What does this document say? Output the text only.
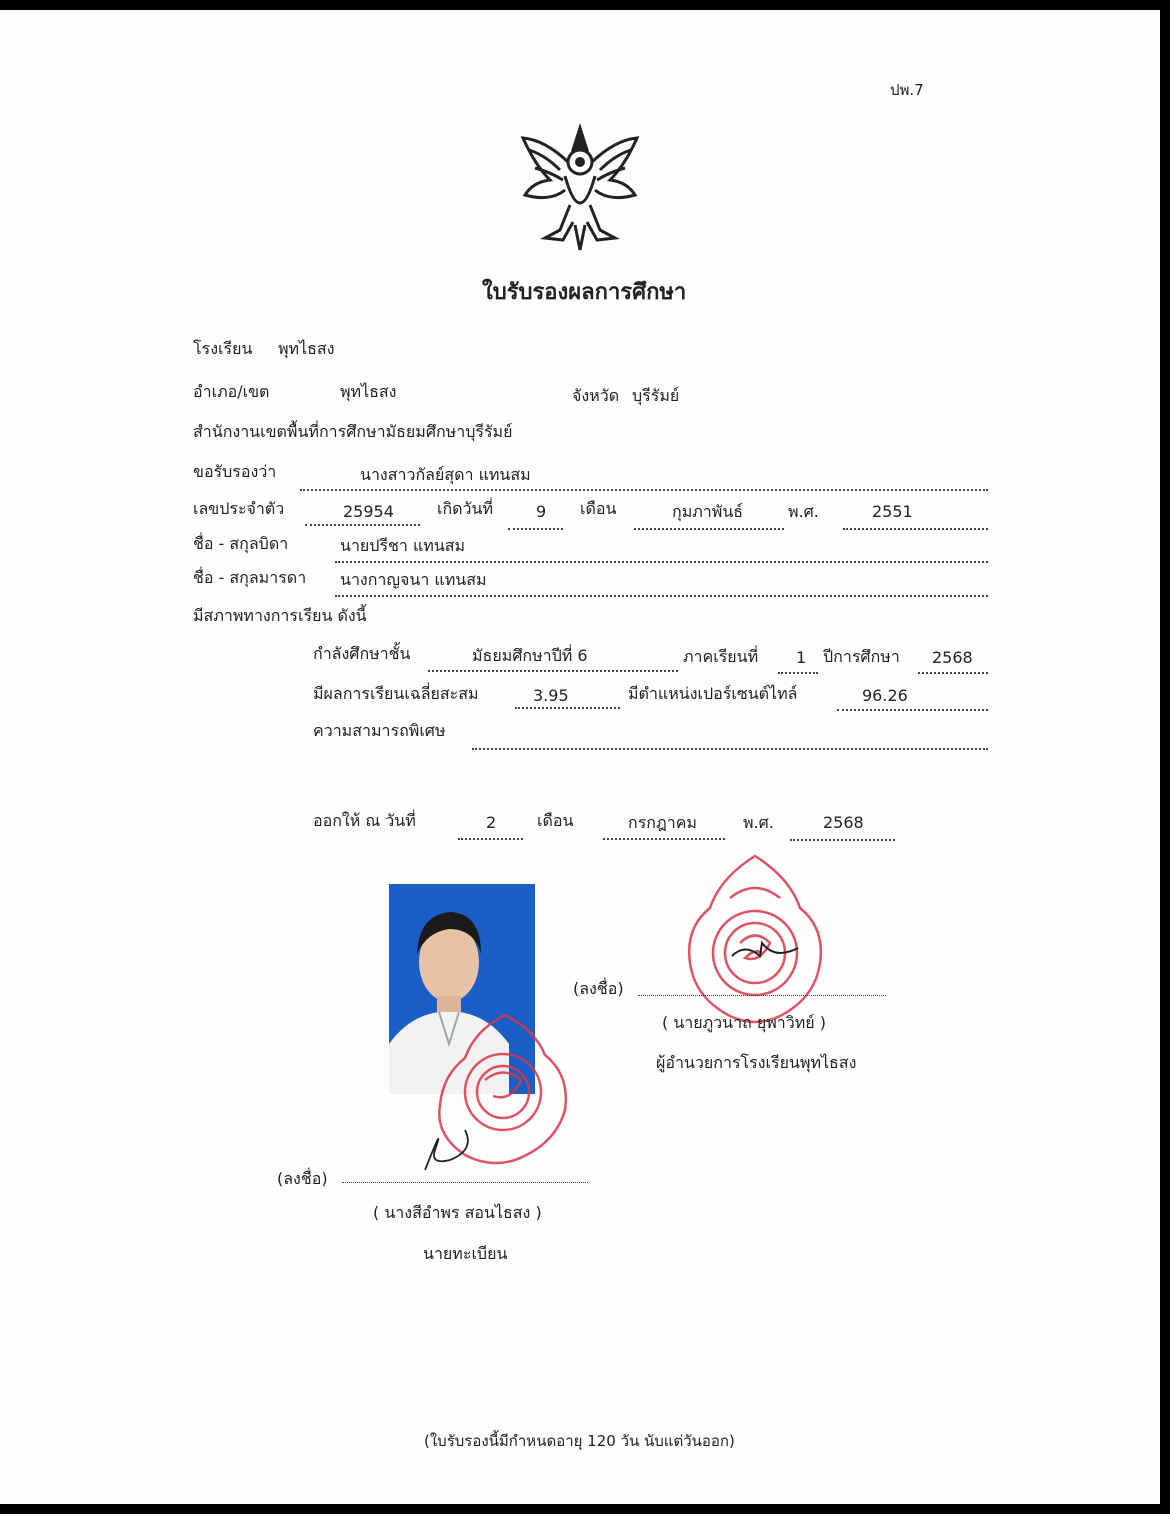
ปพ.7
ใบรับรองผลการศึกษา
โรงเรียน พุทไธสง
อำเภอ/เขต	พุทไธสง	จังหวัด บุรีรัมย์
สำนักงานเขตพื้นที่การศึกษามัธยมศึกษาบุรีรัมย์
ขอรับรองว่า	นางสาวกัลย์สุดา แทนสม
เลขประจำตัว	25954	เกิดวันที่	9 เดือน	กุมภาพันธ์	พ.ศ.	2551
ชื่อ - สกุลบิดา	นายปรีชา แทนสม
ชื่อ - สกุลมารดา นางกาญจนา แทนสม
มีสภาพทางการเรียน ดังนี้
กำลังศึกษาชั้น	มัธยมศึกษาปีที่ 6	ภาคเรียนที่ 1 ปีการศึกษา 2568
มีผลการเรียนเฉลี่ยสะสม	3.95	มีตำแหน่งเปอร์เซนต์ไทล์	96.26
ความสามารถพิเศษ
ออกให้ ณ วันที่	2	เดือน	กรกฎาคม	พ.ศ.	2568
(ลงชื่อ)
( นายภูวนาถ ยุพาวิทย์ )
ผู้อำนวยการโรงเรียนพุทไธสง
(ลงชื่อ)
( นางสีอำพร สอนไธสง )
นายทะเบียน
(ใบรับรองนี้มีกำหนดอายุ 120 วัน นับแต่วันออก)
